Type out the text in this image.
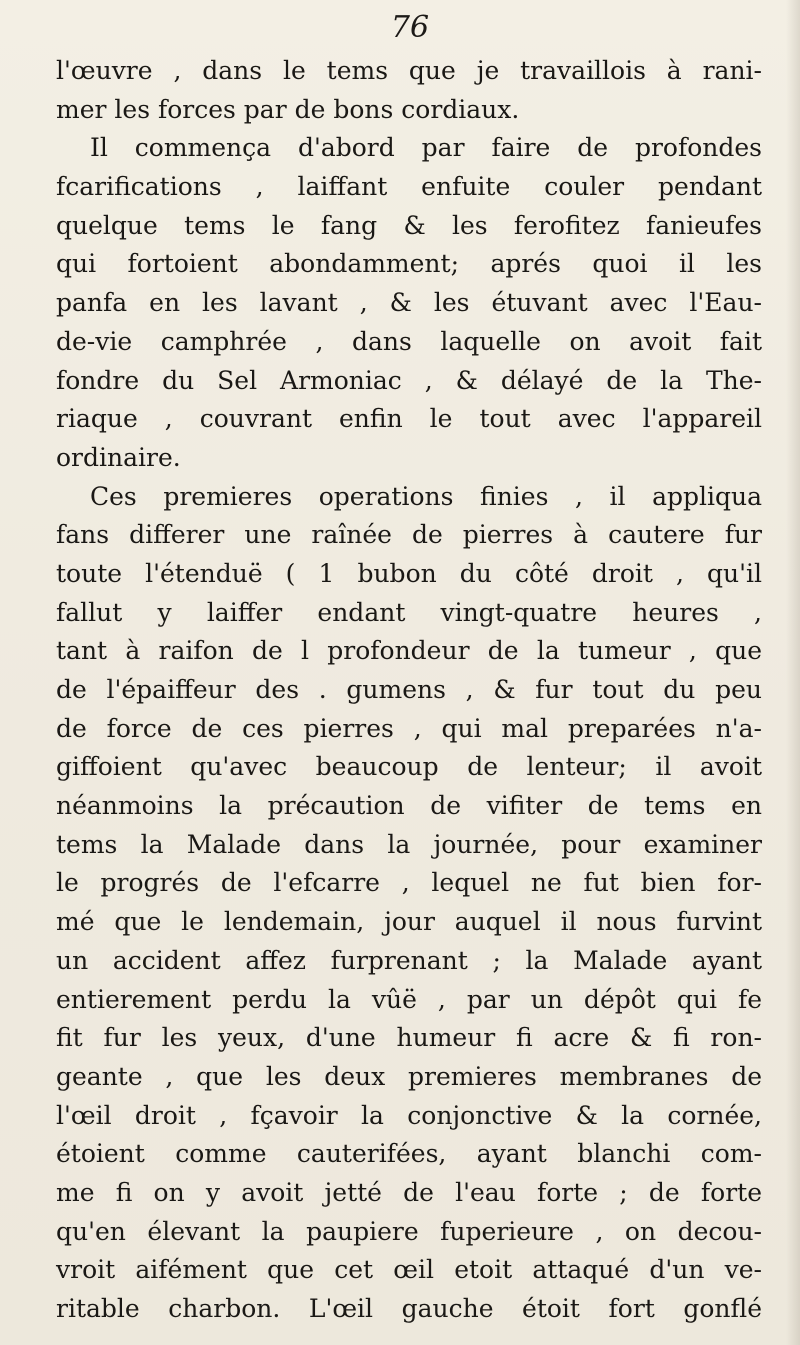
76
l'œuvre , dans le tems que je travaillois à rani-
mer les forces par de bons cordiaux.
Il commença d'abord par faire de profondes
fcarifications , laiffant enfuite couler pendant
quelque tems le fang & les ferofitez fanieufes
qui fortoient abondamment; aprés quoi il les
panfa en les lavant , & les étuvant avec l'Eau-
de-vie camphrée , dans laquelle on avoit fait
fondre du Sel Armoniac , & délayé de la The-
riaque , couvrant enfin le tout avec l'appareil
ordinaire.
Ces premieres operations finies , il appliqua
fans differer une raînée de pierres à cautere fur
toute l'étenduë ( 1 bubon du côté droit , qu'il
fallut y laiffer endant vingt-quatre heures ,
tant à raifon de l profondeur de la tumeur , que
de l'épaiffeur des . gumens , & fur tout du peu
de force de ces pierres , qui mal preparées n'a-
giffoient qu'avec beaucoup de lenteur; il avoit
néanmoins la précaution de vifiter de tems en
tems la Malade dans la journée, pour examiner
le progrés de l'efcarre , lequel ne fut bien for-
mé que le lendemain, jour auquel il nous furvint
un accident affez furprenant ; la Malade ayant
entierement perdu la vûë , par un dépôt qui fe
fit fur les yeux, d'une humeur fi acre & fi ron-
geante , que les deux premieres membranes de
l'œil droit , fçavoir la conjonctive & la cornée,
étoient comme cauterifées, ayant blanchi com-
me fi on y avoit jetté de l'eau forte ; de forte
qu'en élevant la paupiere fuperieure , on decou-
vroit aifément que cet œil etoit attaqué d'un ve-
ritable charbon. L'œil gauche étoit fort gonflé
